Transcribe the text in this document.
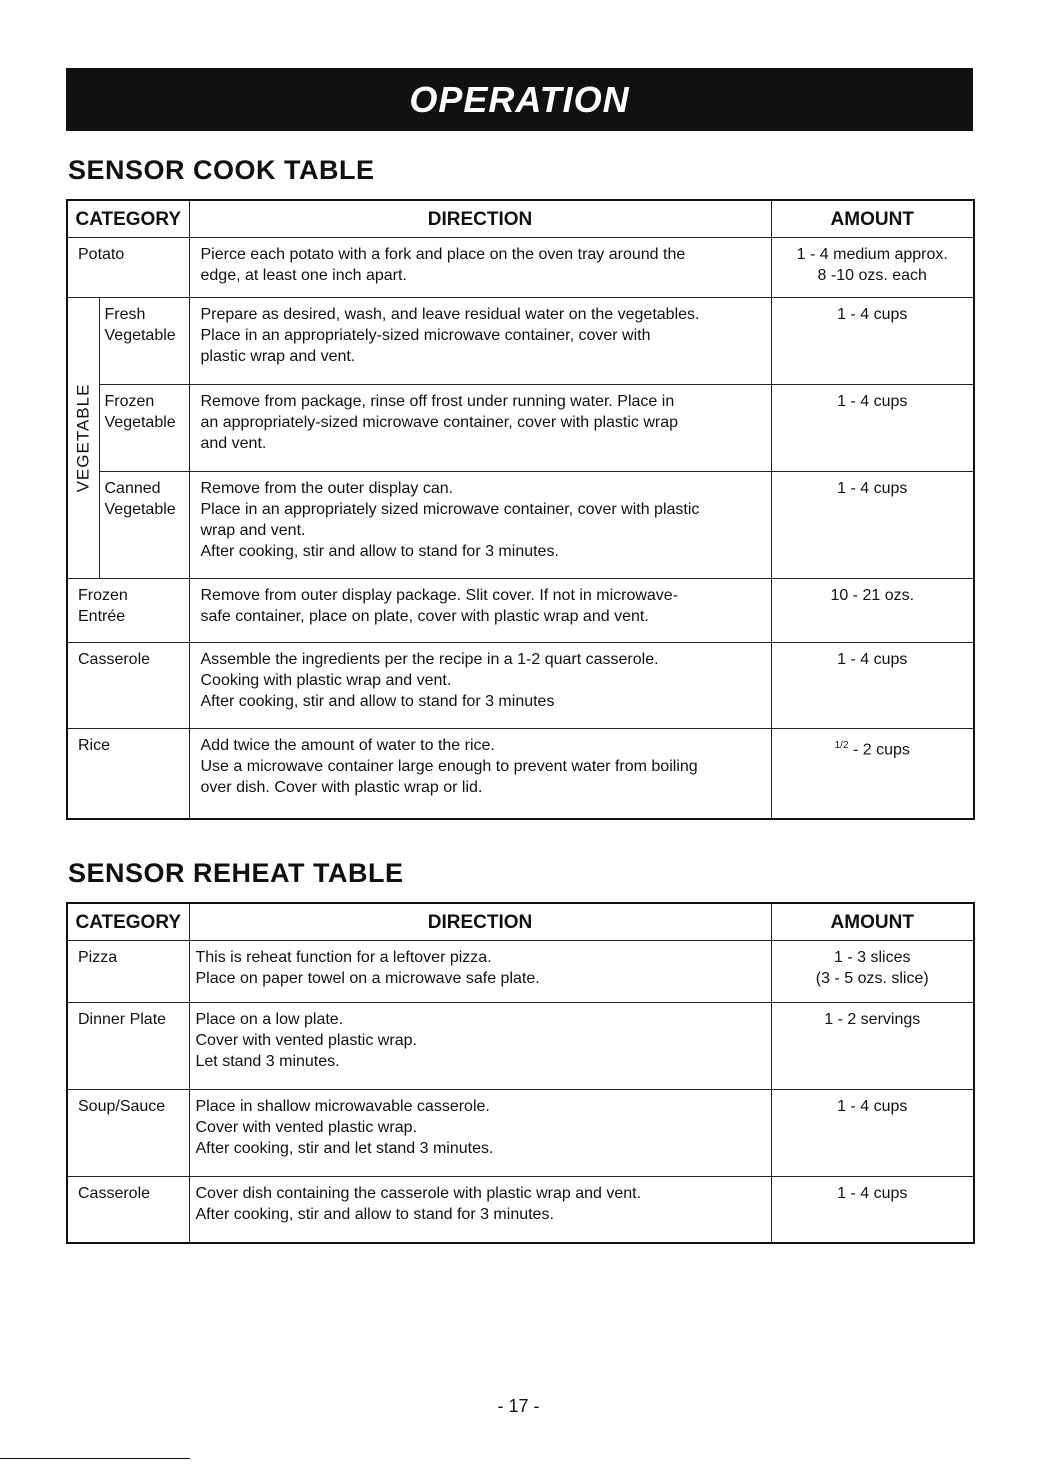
OPERATION
SENSOR COOK TABLE
CATEGORY		DIRECTION	AMOUNT
Potato		Pierce each potato with a fork and place on the oven tray around the
edge, at least one inch apart.	1 - 4 medium approx.
8 -10 ozs. each

VEGETABLE	Fresh
Vegetable	Prepare as desired, wash, and leave residual water on the vegetables.
Place in an appropriately-sized microwave container, cover with
plastic wrap and vent.	1 - 4 cups

	Frozen
Vegetable	Remove from package, rinse off frost under running water. Place in
an appropriately-sized microwave container, cover with plastic wrap
and vent.	1 - 4 cups

	Canned
Vegetable	Remove from the outer display can.
Place in an appropriately sized microwave container, cover with plastic
wrap and vent.
After cooking, stir and allow to stand for 3 minutes.	1 - 4 cups

Frozen
Entrée		Remove from outer display package. Slit cover. If not in microwave-
safe container, place on plate, cover with plastic wrap and vent.	10 - 21 ozs.
Casserole		Assemble the ingredients per the recipe in a 1-2 quart casserole.
Cooking with plastic wrap and vent.
After cooking, stir and allow to stand for 3 minutes	1 - 4 cups
Rice		Add twice the amount of water to the rice.
Use a microwave container large enough to prevent water from boiling
over dish. Cover with plastic wrap or lid.	$^{1/2}$ - 2 cups
SENSOR REHEAT TABLE
CATEGORY	DIRECTION	AMOUNT
Pizza	This is reheat function for a leftover pizza.
Place on paper towel on a microwave safe plate.	1 - 3 slices
(3 - 5 ozs. slice)

Dinner Plate	Place on a low plate.
Cover with vented plastic wrap.
Let stand 3 minutes.	1 - 2 servings
Soup/Sauce	Place in shallow microwavable casserole.
Cover with vented plastic wrap.
After cooking, stir and let stand 3 minutes.	1 - 4 cups
Casserole	Cover dish containing the casserole with plastic wrap and vent.
After cooking, stir and allow to stand for 3 minutes.	1 - 4 cups
- 17 -
